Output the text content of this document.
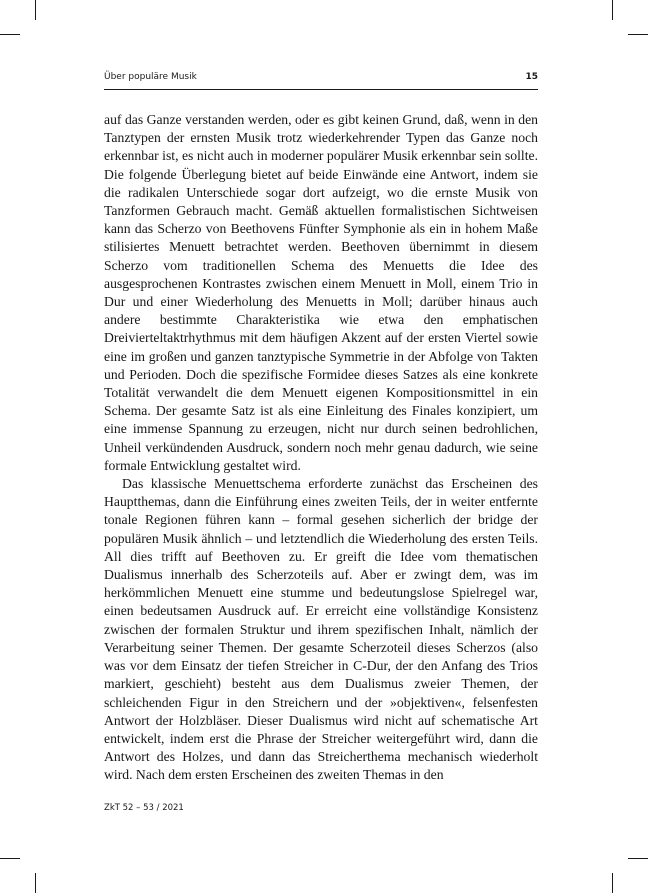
Über populäre Musik	15

auf das Ganze verstanden werden, oder es gibt keinen Grund, daß, wenn in den Tanztypen der ernsten Musik trotz wiederkehrender Typen das Ganze noch erkennbar ist, es nicht auch in moderner populärer Musik erkennbar sein sollte. Die folgende Überlegung bietet auf beide Einwände eine Antwort, indem sie die radikalen Unterschiede sogar dort aufzeigt, wo die ernste Musik von Tanzformen Gebrauch macht. Gemäß aktuellen formalistischen Sichtweisen kann das Scherzo von Beethovens Fünfter Symphonie als ein in hohem Maße stilisiertes Menuett betrachtet werden. Beethoven übernimmt in diesem Scherzo vom traditionellen Schema des Menuetts die Idee des ausgesprochenen Kontrastes zwischen einem Menuett in Moll, einem Trio in Dur und einer Wiederholung des Menuetts in Moll; darüber hinaus auch andere bestimmte Charakteristika wie etwa den emphatischen Dreivierteltaktrhythmus mit dem häufigen Akzent auf der ersten Viertel sowie eine im großen und ganzen tanztypische Symmetrie in der Abfolge von Takten und Perioden. Doch die spezifische Formidee dieses Satzes als eine konkrete Totalität verwandelt die dem Menuett eigenen Kompositionsmittel in ein Schema. Der gesamte Satz ist als eine Einleitung des Finales konzipiert, um eine immense Spannung zu erzeugen, nicht nur durch seinen bedrohlichen, Unheil verkündenden Ausdruck, sondern noch mehr genau dadurch, wie seine formale Entwicklung gestaltet wird.

Das klassische Menuettschema erforderte zunächst das Erscheinen des Hauptthemas, dann die Einführung eines zweiten Teils, der in weiter entfernte tonale Regionen führen kann – formal gesehen sicherlich der bridge der populären Musik ähnlich – und letztendlich die Wiederholung des ersten Teils. All dies trifft auf Beethoven zu. Er greift die Idee vom thematischen Dualismus innerhalb des Scherzoteils auf. Aber er zwingt dem, was im herkömmlichen Menuett eine stumme und bedeutungslose Spielregel war, einen bedeutsamen Ausdruck auf. Er erreicht eine vollständige Konsistenz zwischen der formalen Struktur und ihrem spezifischen Inhalt, nämlich der Verarbeitung seiner Themen. Der gesamte Scherzoteil dieses Scherzos (also was vor dem Einsatz der tiefen Streicher in C-Dur, der den Anfang des Trios markiert, geschieht) besteht aus dem Dualismus zweier Themen, der schleichenden Figur in den Streichern und der »objektiven«, felsenfesten Antwort der Holzbläser. Dieser Dualismus wird nicht auf schematische Art entwickelt, indem erst die Phrase der Streicher weitergeführt wird, dann die Antwort des Holzes, und dann das Streicherthema mechanisch wiederholt wird. Nach dem ersten Erscheinen des zweiten Themas in den

ZkT 52 – 53 / 2021
